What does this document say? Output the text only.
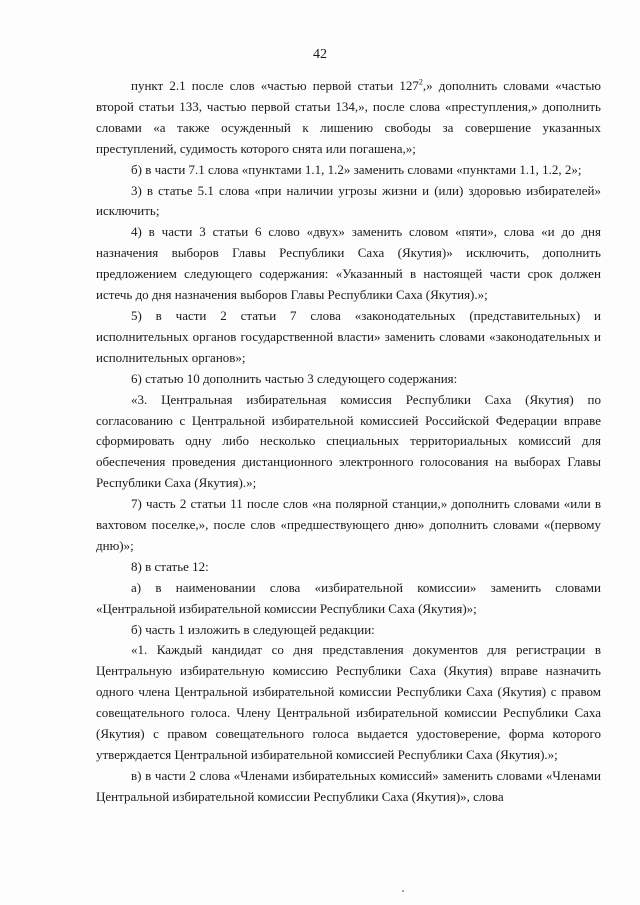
42

пункт 2.1 после слов «частью первой статьи $127^2$,» дополнить словами «частью второй статьи 133, частью первой статьи 134,», после слова «преступления,» дополнить словами «а также осужденный к лишению свободы за совершение указанных преступлений, судимость которого снята или погашена,»;

б) в части 7.1 слова «пунктами 1.1, 1.2» заменить словами «пунктами 1.1, 1.2, 2»;

3) в статье 5.1 слова «при наличии угрозы жизни и (или) здоровью избирателей» исключить;

4) в части 3 статьи 6 слово «двух» заменить словом «пяти», слова «и до дня назначения выборов Главы Республики Саха (Якутия)» исключить, дополнить предложением следующего содержания: «Указанный в настоящей части срок должен истечь до дня назначения выборов Главы Республики Саха (Якутия).»;

5) в части 2 статьи 7 слова «законодательных (представительных) и исполнительных органов государственной власти» заменить словами «законодательных и исполнительных органов»;

6) статью 10 дополнить частью 3 следующего содержания:

«3. Центральная избирательная комиссия Республики Саха (Якутия) по согласованию с Центральной избирательной комиссией Российской Федерации вправе сформировать одну либо несколько специальных территориальных комиссий для обеспечения проведения дистанционного электронного голосования на выборах Главы Республики Саха (Якутия).»;

7) часть 2 статьи 11 после слов «на полярной станции,» дополнить словами «или в вахтовом поселке,», после слов «предшествующего дню» дополнить словами «(первому дню)»;

8) в статье 12:

а) в наименовании слова «избирательной комиссии» заменить словами «Центральной избирательной комиссии Республики Саха (Якутия)»;

б) часть 1 изложить в следующей редакции:

«1. Каждый кандидат со дня представления документов для регистрации в Центральную избирательную комиссию Республики Саха (Якутия) вправе назначить одного члена Центральной избирательной комиссии Республики Саха (Якутия) с правом совещательного голоса. Члену Центральной избирательной комиссии Республики Саха (Якутия) с правом совещательного голоса выдается удостоверение, форма которого утверждается Центральной избирательной комиссией Республики Саха (Якутия).»;

в) в части 2 слова «Членами избирательных комиссий» заменить словами «Членами Центральной избирательной комиссии Республики Саха (Якутия)», слова
